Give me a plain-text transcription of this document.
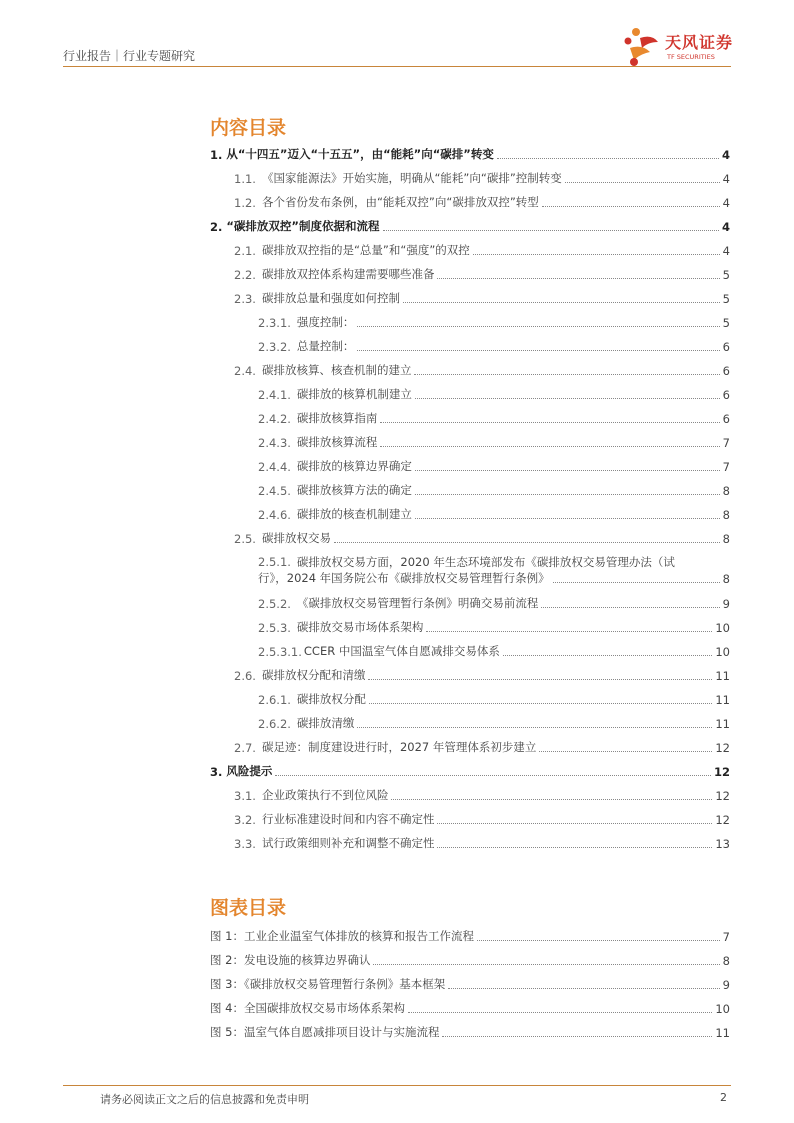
行业报告｜行业专题研究
天风证券
TF SECURITIES
内容目录
1. 从“十四五”迈入“十五五”，由“能耗”向“碳排”转变	4
1.1. 《国家能源法》开始实施，明确从“能耗”向“碳排”控制转变	4
1.2. 各个省份发布条例，由“能耗双控”向“碳排放双控”转型	4
2. “碳排放双控”制度依据和流程	4
2.1. 碳排放双控指的是“总量”和“强度”的双控	4
2.2. 碳排放双控体系构建需要哪些准备	5
2.3. 碳排放总量和强度如何控制	5
2.3.1. 强度控制：	5
2.3.2. 总量控制：	6
2.4. 碳排放核算、核查机制的建立	6
2.4.1. 碳排放的核算机制建立	6
2.4.2. 碳排放核算指南	6
2.4.3. 碳排放核算流程	7
2.4.4. 碳排放的核算边界确定	7
2.4.5. 碳排放核算方法的确定	8
2.4.6. 碳排放的核查机制建立	8
2.5. 碳排放权交易	8
2.5.1. 碳排放权交易方面，2020 年生态环境部发布《碳排放权交易管理办法（试
行》，2024 年国务院公布《碳排放权交易管理暂行条例》	8
2.5.2. 《碳排放权交易管理暂行条例》明确交易前流程	9
2.5.3. 碳排放交易市场体系架构	10
2.5.3.1. CCER 中国温室气体自愿减排交易体系	10
2.6. 碳排放权分配和清缴	11
2.6.1. 碳排放权分配	11
2.6.2. 碳排放清缴	11
2.7. 碳足迹：制度建设进行时，2027 年管理体系初步建立	12
3. 风险提示	12
3.1. 企业政策执行不到位风险	12
3.2. 行业标准建设时间和内容不确定性	12
3.3. 试行政策细则补充和调整不确定性	13
图表目录
图 1：工业企业温室气体排放的核算和报告工作流程	7
图 2：发电设施的核算边界确认	8
图 3：《碳排放权交易管理暂行条例》基本框架	9
图 4：全国碳排放权交易市场体系架构	10
图 5：温室气体自愿减排项目设计与实施流程	11
请务必阅读正文之后的信息披露和免责申明	2
